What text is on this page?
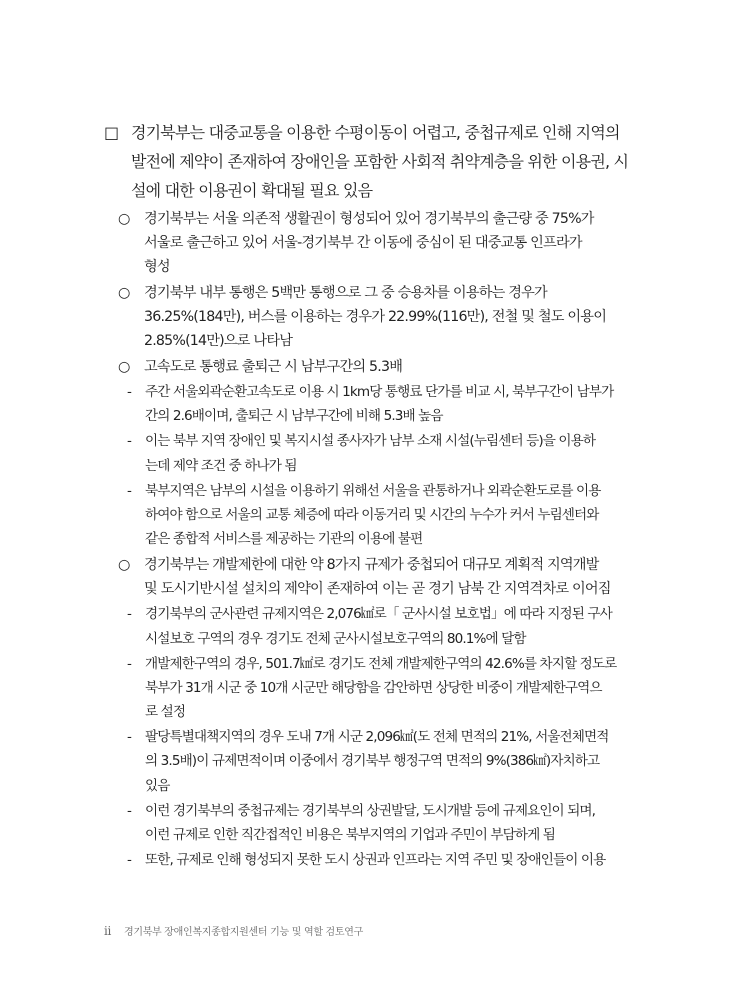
□ 경기북부는 대중교통을 이용한 수평이동이 어렵고, 중첩규제로 인해 지역의
발전에 제약이 존재하여 장애인을 포함한 사회적 취약계층을 위한 이용권, 시
설에 대한 이용권이 확대될 필요 있음
○ 경기북부는 서울 의존적 생활권이 형성되어 있어 경기북부의 출근량 중 75%가
서울로 출근하고 있어 서울-경기북부 간 이동에 중심이 된 대중교통 인프라가
형성
○ 경기북부 내부 통행은 5백만 통행으로 그 중 승용차를 이용하는 경우가
36.25%(184만), 버스를 이용하는 경우가 22.99%(116만), 전철 및 철도 이용이
2.85%(14만)으로 나타남
○ 고속도로 통행료 출퇴근 시 남부구간의 5.3배
- 주간 서울외곽순환고속도로 이용 시 1km당 통행료 단가를 비교 시, 북부구간이 남부가
간의 2.6배이며, 출퇴근 시 남부구간에 비해 5.3배 높음
- 이는 북부 지역 장애인 및 복지시설 종사자가 남부 소재 시설(누림센터 등)을 이용하
는데 제약 조건 중 하나가 됨
- 북부지역은 남부의 시설을 이용하기 위해선 서울을 관통하거나 외곽순환도로를 이용
하여야 함으로 서울의 교통 체증에 따라 이동거리 및 시간의 누수가 커서 누림센터와
같은 종합적 서비스를 제공하는 기관의 이용에 불편
○ 경기북부는 개발제한에 대한 약 8가지 규제가 중첩되어 대규모 계획적 지역개발
및 도시기반시설 설치의 제약이 존재하여 이는 곧 경기 남북 간 지역격차로 이어짐
- 경기북부의 군사관련 규제지역은 2,076㎢로「 군사시설 보호법」에 따라 지정된 구사
시설보호 구역의 경우 경기도 전체 군사시설보호구역의 80.1%에 달함
- 개발제한구역의 경우, 501.7㎢로 경기도 전체 개발제한구역의 42.6%를 차지할 정도로
북부가 31개 시군 중 10개 시군만 해당함을 감안하면 상당한 비중이 개발제한구역으
로 설정
- 팔당특별대책지역의 경우 도내 7개 시군 2,096㎢(도 전체 면적의 21%, 서울전체면적
의 3.5배)이 규제면적이며 이중에서 경기북부 행정구역 면적의 9%(386㎢)자치하고
있음
- 이런 경기북부의 중첩규제는 경기북부의 상권발달, 도시개발 등에 규제요인이 되며,
이런 규제로 인한 직간접적인 비용은 북부지역의 기업과 주민이 부담하게 됨
- 또한, 규제로 인해 형성되지 못한 도시 상권과 인프라는 지역 주민 및 장애인들이 이용
ii 경기북부 장애인복지종합지원센터 기능 및 역할 검토연구
